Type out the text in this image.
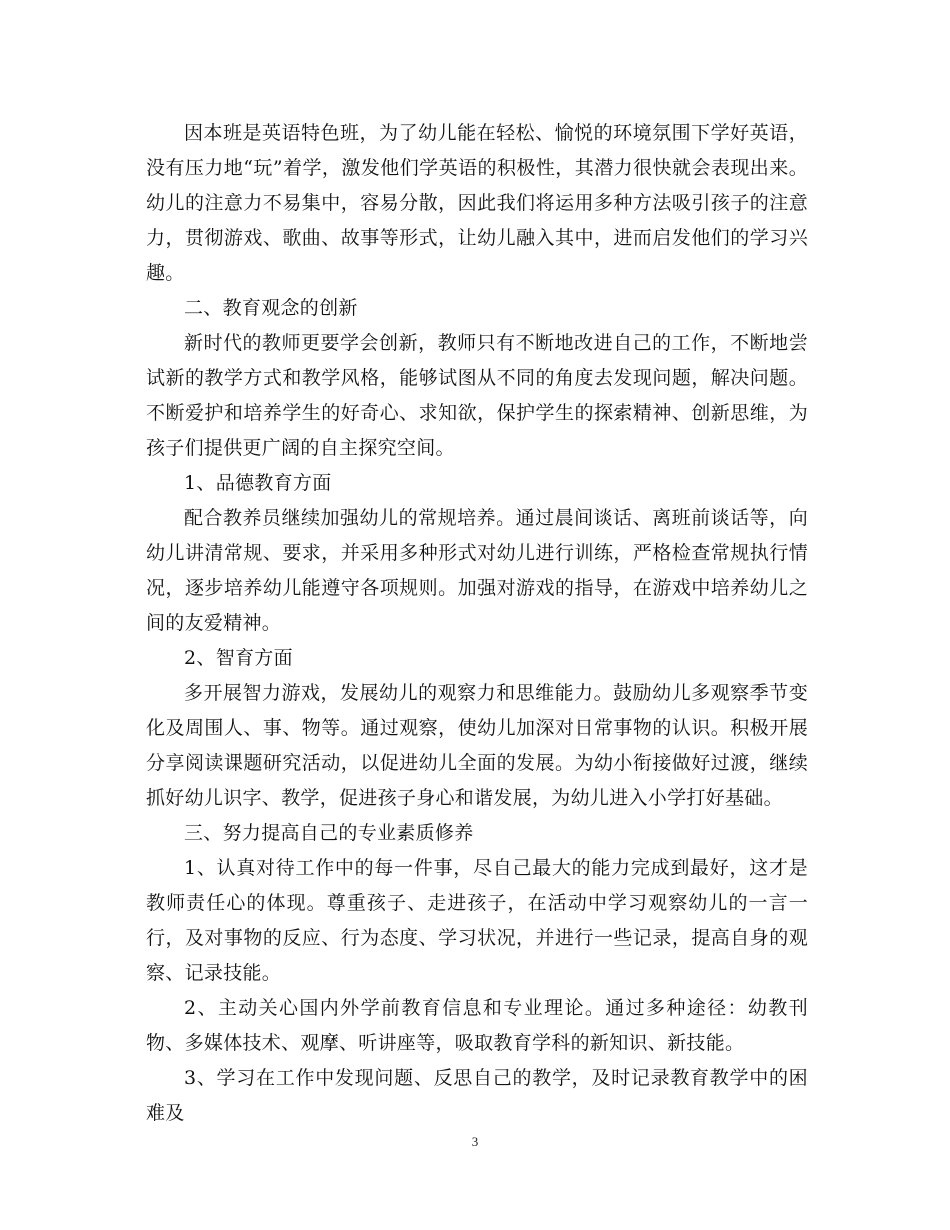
因本班是英语特色班，为了幼儿能在轻松、愉悦的环境氛围下学好英语，没有压力地“玩”着学，激发他们学英语的积极性，其潜力很快就会表现出来。幼儿的注意力不易集中，容易分散，因此我们将运用多种方法吸引孩子的注意力，贯彻游戏、歌曲、故事等形式，让幼儿融入其中，进而启发他们的学习兴趣。

二、教育观念的创新

新时代的教师更要学会创新，教师只有不断地改进自己的工作，不断地尝试新的教学方式和教学风格，能够试图从不同的角度去发现问题，解决问题。不断爱护和培养学生的好奇心、求知欲，保护学生的探索精神、创新思维，为孩子们提供更广阔的自主探究空间。

1、品德教育方面

配合教养员继续加强幼儿的常规培养。通过晨间谈话、离班前谈话等，向幼儿讲清常规、要求，并采用多种形式对幼儿进行训练，严格检查常规执行情况，逐步培养幼儿能遵守各项规则。加强对游戏的指导，在游戏中培养幼儿之间的友爱精神。

2、智育方面

多开展智力游戏，发展幼儿的观察力和思维能力。鼓励幼儿多观察季节变化及周围人、事、物等。通过观察，使幼儿加深对日常事物的认识。积极开展分享阅读课题研究活动，以促进幼儿全面的发展。为幼小衔接做好过渡，继续抓好幼儿识字、教学，促进孩子身心和谐发展，为幼儿进入小学打好基础。

三、努力提高自己的专业素质修养

1、认真对待工作中的每一件事，尽自己最大的能力完成到最好，这才是教师责任心的体现。尊重孩子、走进孩子，在活动中学习观察幼儿的一言一行，及对事物的反应、行为态度、学习状况，并进行一些记录，提高自身的观察、记录技能。

2、主动关心国内外学前教育信息和专业理论。通过多种途径：幼教刊物、多媒体技术、观摩、听讲座等，吸取教育学科的新知识、新技能。

3、学习在工作中发现问题、反思自己的教学，及时记录教育教学中的困难及

3
